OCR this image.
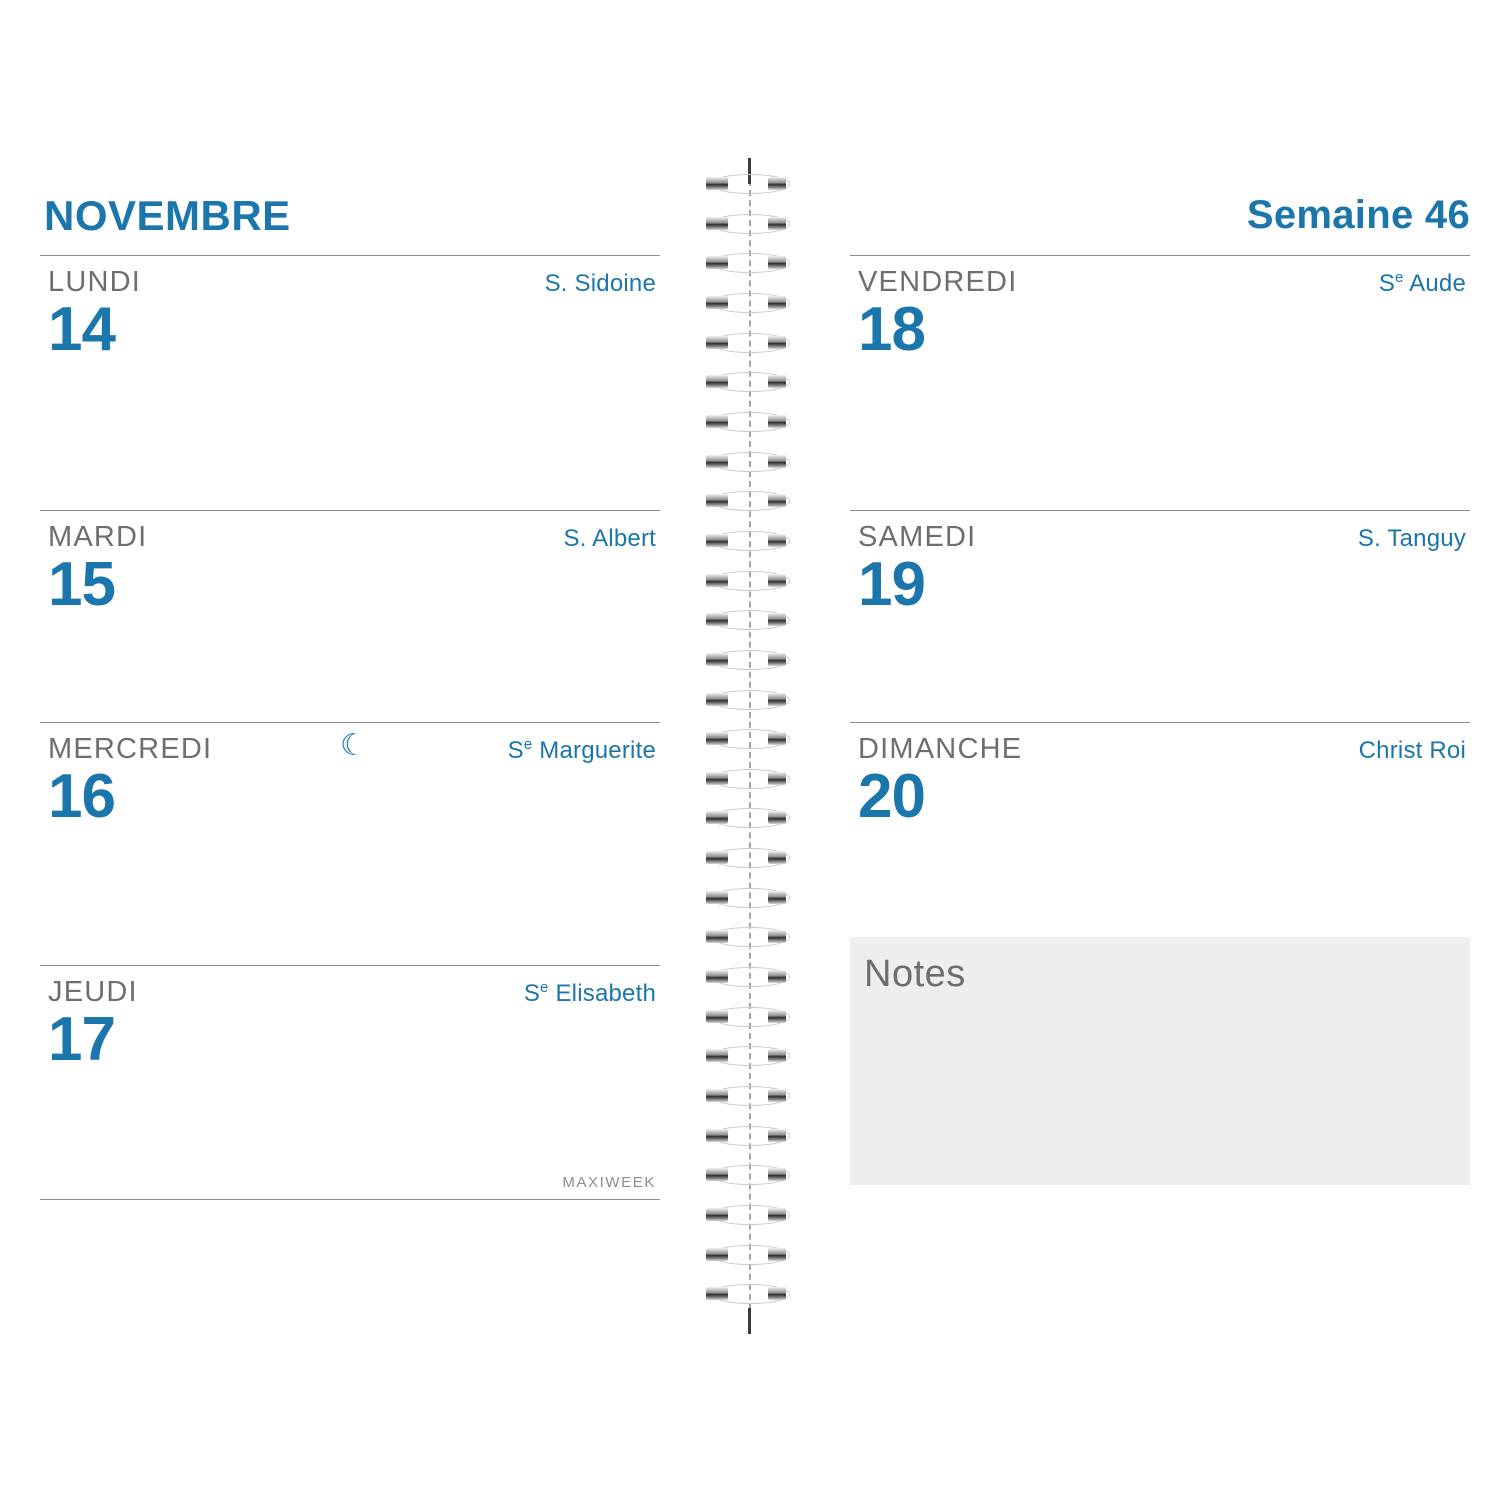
NOVEMBRE
LUNDI	S. Sidoine
14
MARDI	S. Albert
15
MERCREDI	$S^e$ Marguerite
☾
16
JEUDI	$S^e$ Elisabeth
17
MAXIWEEK
Semaine 46
VENDREDI	$S^e$ Aude
18
SAMEDI	S. Tanguy
19
DIMANCHE	Christ Roi
20
Notes
